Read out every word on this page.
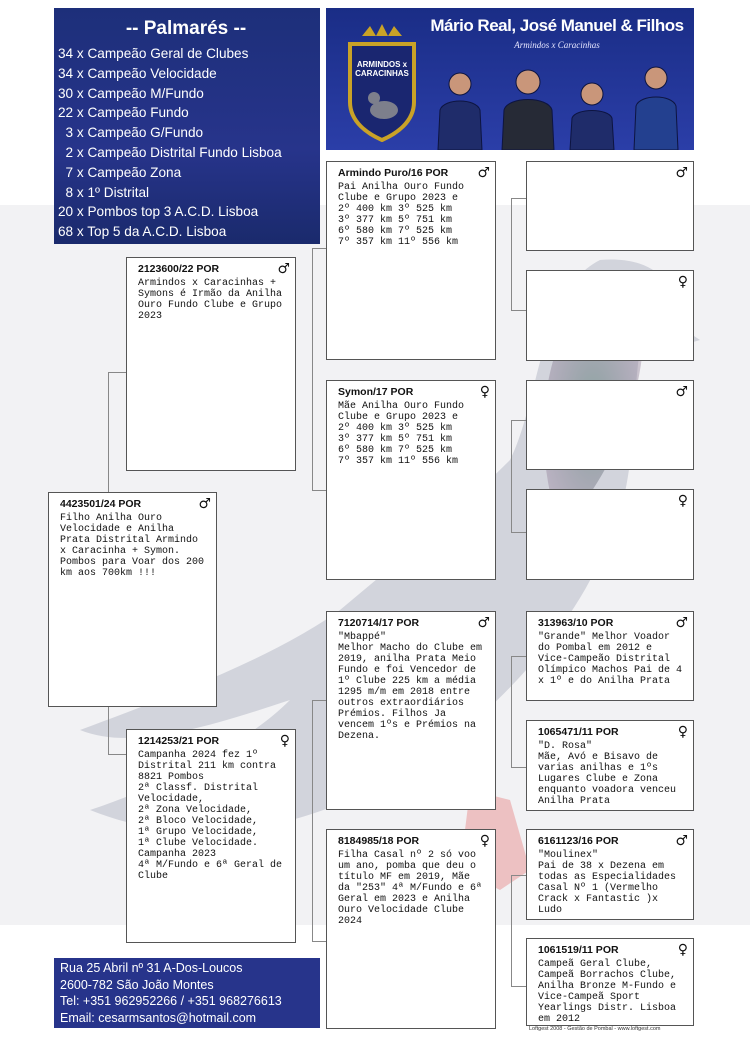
-- Palmarés --
34 x Campeão Geral de Clubes
34 x Campeão Velocidade
30 x Campeão M/Fundo
22 x Campeão Fundo
3 x Campeão G/Fundo
2 x Campeão Distrital Fundo Lisboa
7 x Campeão Zona
8 x 1º Distrital
20 x Pombos top 3 A.C.D. Lisboa
68 x Top 5 da A.C.D. Lisboa
ARMINDOS x CARACINHAS
Mário Real, José Manuel & Filhos
Armindos x Caracinhas
4423501/24 POR	♂
Filho Anilha Ouro Velocidade e Anilha Prata Distrital Armindo x Caracinha + Symon.
Pombos para Voar dos 200 km aos 700km !!!
2123600/22 POR	♂
Armindos x Caracinhas + Symons é Irmão da Anilha Ouro Fundo Clube e Grupo 2023
1214253/21 POR	♀
Campanha 2024 fez 1º Distrital 211 km contra 8821 Pombos
2ª Classf. Distrital Velocidade,
2ª Zona Velocidade,
2ª Bloco Velocidade,
1ª Grupo Velocidade,
1ª Clube Velocidade.
Campanha 2023
4ª M/Fundo e 6ª Geral de Clube
Armindo Puro/16 POR	♂
Pai Anilha Ouro Fundo Clube e Grupo 2023 e
2º 400 km 3º 525 km
3º 377 km 5º 751 km
6º 580 km 7º 525 km
7º 357 km 11º 556 km
Symon/17 POR	♀
Mãe Anilha Ouro Fundo Clube e Grupo 2023 e
2º 400 km 3º 525 km
3º 377 km 5º 751 km
6º 580 km 7º 525 km
7º 357 km 11º 556 km
7120714/17 POR	♂
"Mbappé"
Melhor Macho do Clube em 2019, anilha Prata Meio Fundo e foi Vencedor de 1º Clube 225 km a média 1295 m/m em 2018 entre outros extraordiários Prémios. Filhos Ja vencem 1ºs e Prémios na Dezena.
8184985/18 POR	♀
Filha Casal nº 2 só voo um ano, pomba que deu o título MF em 2019, Mãe da "253" 4ª M/Fundo e 6ª Geral em 2023 e Anilha Ouro Velocidade Clube 2024
♂
♀
♂
♀
313963/10 POR	♂
"Grande" Melhor Voador do Pombal em 2012 e Vice-Campeão Distrital Olímpico Machos Pai de 4 x 1º e do Anilha Prata
1065471/11 POR	♀
"D. Rosa"
Mãe, Avó e Bisavo de varias anilhas e 1ºs Lugares Clube e Zona enquanto voadora venceu Anilha Prata
6161123/16 POR	♂
"Moulinex"
Pai de 38 x Dezena em todas as Especialidades Casal Nº 1 (Vermelho Crack x Fantastic )x Ludo
1061519/11 POR	♀
Campeã Geral Clube, Campeã Borrachos Clube, Anilha Bronze M-Fundo e Vice-Campeã Sport Yearlings Distr. Lisboa em 2012
Rua 25 Abril nº 31 A-Dos-Loucos
2600-782 São João Montes
Tel: +351 962952266 / +351 968276613
Email: cesarmsantos@hotmail.com
Loftgest 2008 - Gestão de Pombal - www.loftgest.com
